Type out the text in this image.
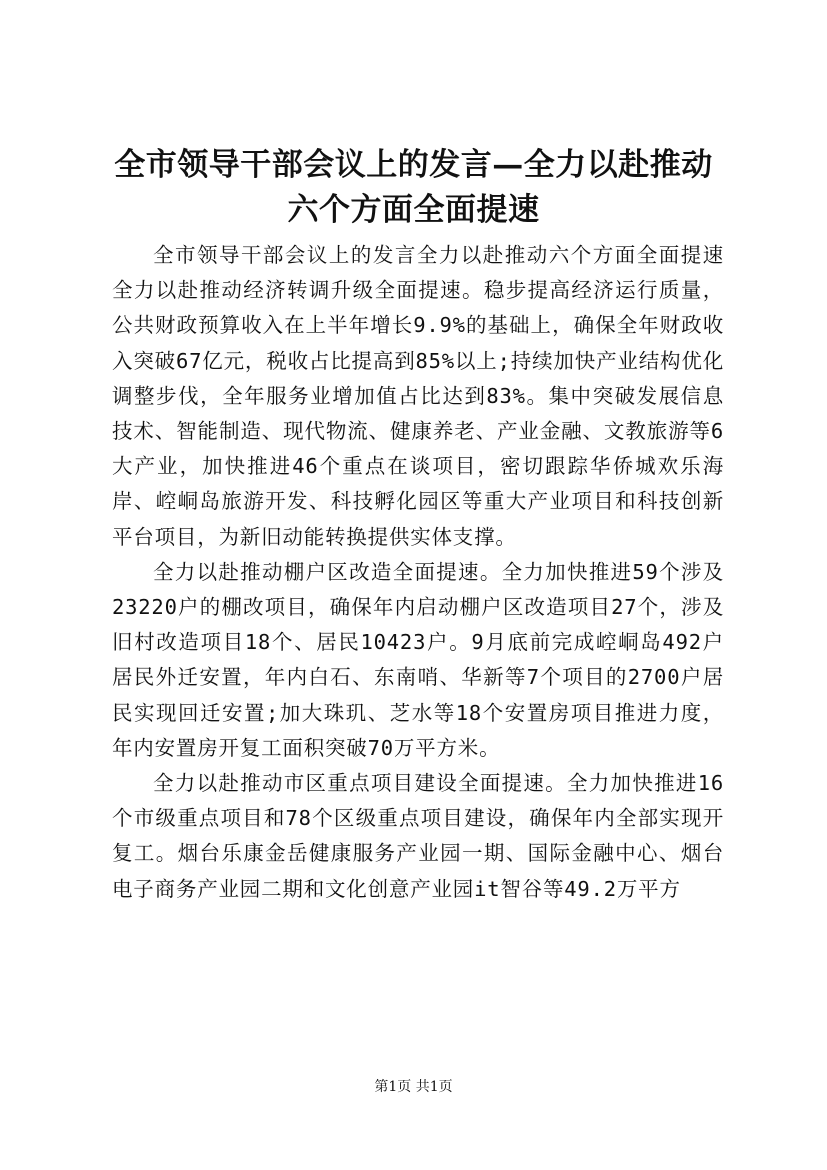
全市领导干部会议上的发言—全力以赴推动六个方面全面提速

全市领导干部会议上的发言全力以赴推动六个方面全面提速全力以赴推动经济转调升级全面提速。稳步提高经济运行质量，公共财政预算收入在上半年增长9.9%的基础上，确保全年财政收入突破67亿元，税收占比提高到85%以上;持续加快产业结构优化调整步伐，全年服务业增加值占比达到83%。集中突破发展信息技术、智能制造、现代物流、健康养老、产业金融、文教旅游等6大产业，加快推进46个重点在谈项目，密切跟踪华侨城欢乐海岸、崆峒岛旅游开发、科技孵化园区等重大产业项目和科技创新平台项目，为新旧动能转换提供实体支撑。

全力以赴推动棚户区改造全面提速。全力加快推进59个涉及23220户的棚改项目，确保年内启动棚户区改造项目27个，涉及旧村改造项目18个、居民10423户。9月底前完成崆峒岛492户居民外迁安置，年内白石、东南哨、华新等7个项目的2700户居民实现回迁安置;加大珠玑、芝水等18个安置房项目推进力度，年内安置房开复工面积突破70万平方米。

全力以赴推动市区重点项目建设全面提速。全力加快推进16个市级重点项目和78个区级重点项目建设，确保年内全部实现开复工。烟台乐康金岳健康服务产业园一期、国际金融中心、烟台电子商务产业园二期和文化创意产业园it智谷等49.2万平方

第1页 共1页
